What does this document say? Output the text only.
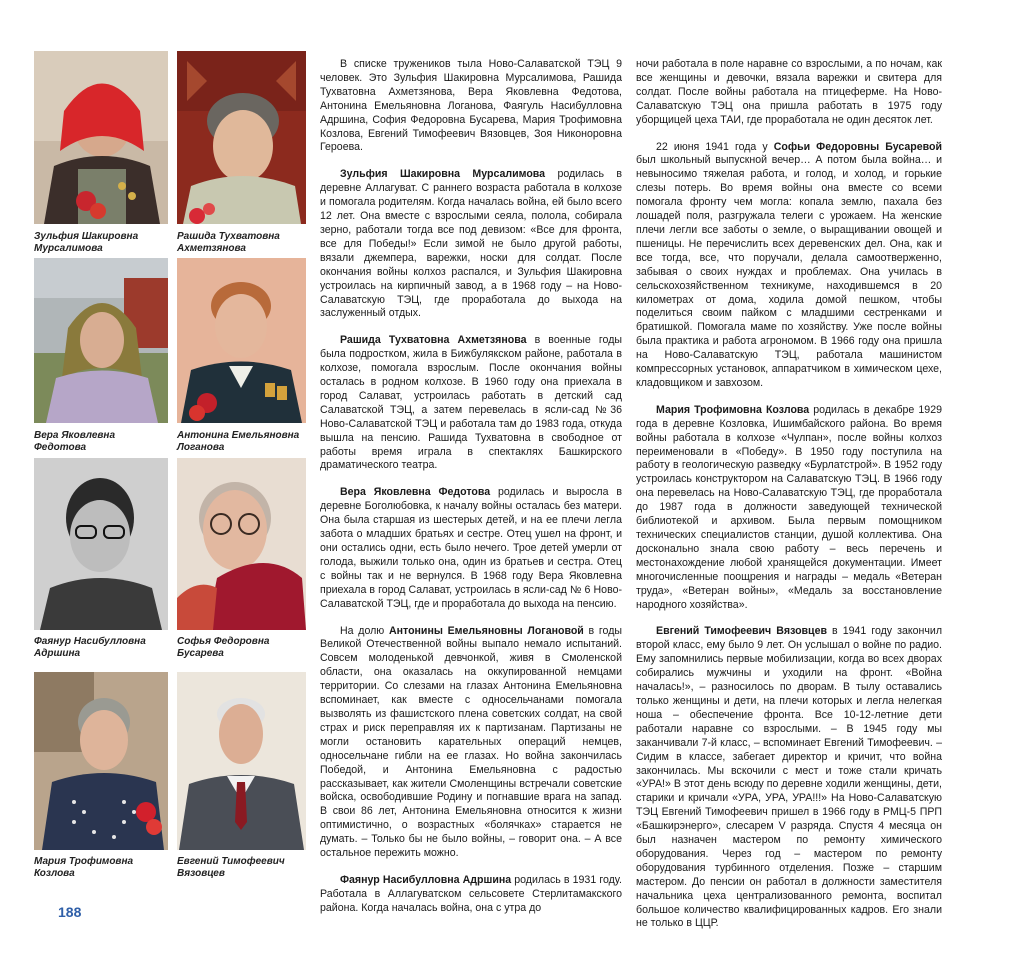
Зульфия Шакировна
Мурсалимова
Рашида Тухватовна
Ахметзянова
Вера Яковлевна
Федотова
Антонина Емельяновна
Логанова
Фаянур Насибулловна
Адршина
Софья Федоровна
Бусарева
Мария Трофимовна
Козлова
Евгений Тимофеевич
Вязовцев

В списке тружеников тыла Ново-Салаватской ТЭЦ 9 человек. Это Зульфия Шакировна Мурсалимова, Рашида Тухватовна Ахметзянова, Вера Яковлевна Федотова, Антонина Емельяновна Логанова, Фаягуль Насибулловна Адршина, София Федоровна Бусарева, Мария Трофимовна Козлова, Евгений Тимофеевич Вязовцев, Зоя Никоноровна Героева.

Зульфия Шакировна Мурсалимова родилась в деревне Аллагуват. С раннего возраста работала в колхозе и помогала родителям. Когда началась война, ей было всего 12 лет. Она вместе с взрослыми сеяла, полола, собирала зерно, работали тогда все под девизом: «Все для фронта, все для Победы!» Если зимой не было другой работы, вязали джемпера, варежки, носки для солдат. После окончания войны колхоз распался, и Зульфия Шакировна устроилась на кирпичный завод, а в 1968 году – на Ново-Салаватскую ТЭЦ, где проработала до выхода на заслуженный отдых.

Рашида Тухватовна Ахметзянова в военные годы была подростком, жила в Бижбулякском районе, работала в колхозе, помогала взрослым. После окончания войны осталась в родном колхозе. В 1960 году она приехала в город Салават, устроилась работать в детский сад Салаватской ТЭЦ, а затем перевелась в ясли-сад №36 Ново-Салаватской ТЭЦ и работала там до 1983 года, откуда вышла на пенсию. Рашида Тухватовна в свободное от работы время играла в спектаклях Башкирского драматического театра.

Вера Яковлевна Федотова родилась и выросла в деревне Боголюбовка, к началу войны осталась без матери. Она была старшая из шестерых детей, и на ее плечи легла забота о младших братьях и сестре. Отец ушел на фронт, и они остались одни, есть было нечего. Трое детей умерли от голода, выжили только она, один из братьев и сестра. Отец с войны так и не вернулся. В 1968 году Вера Яковлевна приехала в город Салават, устроилась в ясли-сад № 6 Ново-Салаватской ТЭЦ, где и проработала до выхода на пенсию.

На долю Антонины Емельяновны Логановой в годы Великой Отечественной войны выпало немало испытаний. Совсем молоденькой девчонкой, живя в Смоленской области, она оказалась на оккупированной немцами территории. Со слезами на глазах Антонина Емельяновна вспоминает, как вместе с односельчанами помогала вызволять из фашистского плена советских солдат, на свой страх и риск переправляя их к партизанам. Партизаны не могли остановить карательных операций немцев, односельчане гибли на ее глазах. Но война закончилась Победой, и Антонина Емельяновна с радостью рассказывает, как жители Смоленщины встречали советские войска, освободившие Родину и погнавшие врага на запад. В свои 86 лет, Антонина Емельяновна относится к жизни оптимистично, о возрастных «болячках» старается не думать. – Только бы не было войны, – говорит она. – А все остальное пережить можно.

Фаянур Насибулловна Адршина родилась в 1931 году. Работала в Аллагуватском сельсовете Стерлитамакского района. Когда началась война, она с утра до

ночи работала в поле наравне со взрослыми, а по ночам, как все женщины и девочки, вязала варежки и свитера для солдат. После войны работала на птицеферме. На Ново-Салаватскую ТЭЦ она пришла работать в 1975 году уборщицей цеха ТАИ, где проработала не один десяток лет.

22 июня 1941 года у Софьи Федоровны Бусаревой был школьный выпускной вечер… А потом была война… и невыносимо тяжелая работа, и голод, и холод, и горькие слезы потерь. Во время войны она вместе со всеми помогала фронту чем могла: копала землю, пахала без лошадей поля, разгружала телеги с урожаем. На женские плечи легли все заботы о земле, о выращивании овощей и пшеницы. Не перечислить всех деревенских дел. Она, как и все тогда, все, что поручали, делала самоотверженно, забывая о своих нуждах и проблемах. Она училась в сельскохозяйственном техникуме, находившемся в 20 километрах от дома, ходила домой пешком, чтобы поделиться своим пайком с младшими сестренками и братишкой. Помогала маме по хозяйству. Уже после войны была практика и работа агрономом. В 1966 году она пришла на Ново-Салаватскую ТЭЦ, работала машинистом компрессорных установок, аппаратчиком в химическом цехе, кладовщиком и завхозом.

Мария Трофимовна Козлова родилась в декабре 1929 года в деревне Козловка, Ишимбайского района. Во время войны работала в колхозе «Чулпан», после войны колхоз переименовали в «Победу». В 1950 году поступила на работу в геологическую разведку «Бурлатстрой». В 1952 году устроилась конструктором на Салаватскую ТЭЦ. В 1966 году она перевелась на Ново-Салаватскую ТЭЦ, где проработала до 1987 года в должности заведующей технической библиотекой и архивом. Была первым помощником технических специалистов станции, душой коллектива. Она досконально знала свою работу – весь перечень и местонахождение любой хранящейся документации. Имеет многочисленные поощрения и награды – медаль «Ветеран труда», «Ветеран войны», «Медаль за восстановление народного хозяйства».

Евгений Тимофеевич Вязовцев в 1941 году закончил второй класс, ему было 9 лет. Он услышал о войне по радио. Ему запомнились первые мобилизации, когда во всех дворах собирались мужчины и уходили на фронт. «Война началась!», – разносилось по дворам. В тылу оставались только женщины и дети, на плечи которых и легла нелегкая ноша – обеспечение фронта. Все 10-12-летние дети работали наравне со взрослыми. – В 1945 году мы заканчивали 7-й класс, – вспоминает Евгений Тимофеевич. – Сидим в классе, забегает директор и кричит, что война закончилась. Мы вскочили с мест и тоже стали кричать «УРА!» В этот день всюду по деревне ходили женщины, дети, старики и кричали «УРА, УРА, УРА!!!» На Ново-Салаватскую ТЭЦ Евгений Тимофеевич пришел в 1966 году в РМЦ-5 ПРП «Башкирэнерго», слесарем V разряда. Спустя 4 месяца он был назначен мастером по ремонту химического оборудования. Через год – мастером по ремонту оборудования турбинного отделения. Позже – старшим мастером. До пенсии он работал в должности заместителя начальника цеха централизованного ремонта, воспитал большое количество квалифицированных кадров. Его знали не только в ЦЦР.

188
